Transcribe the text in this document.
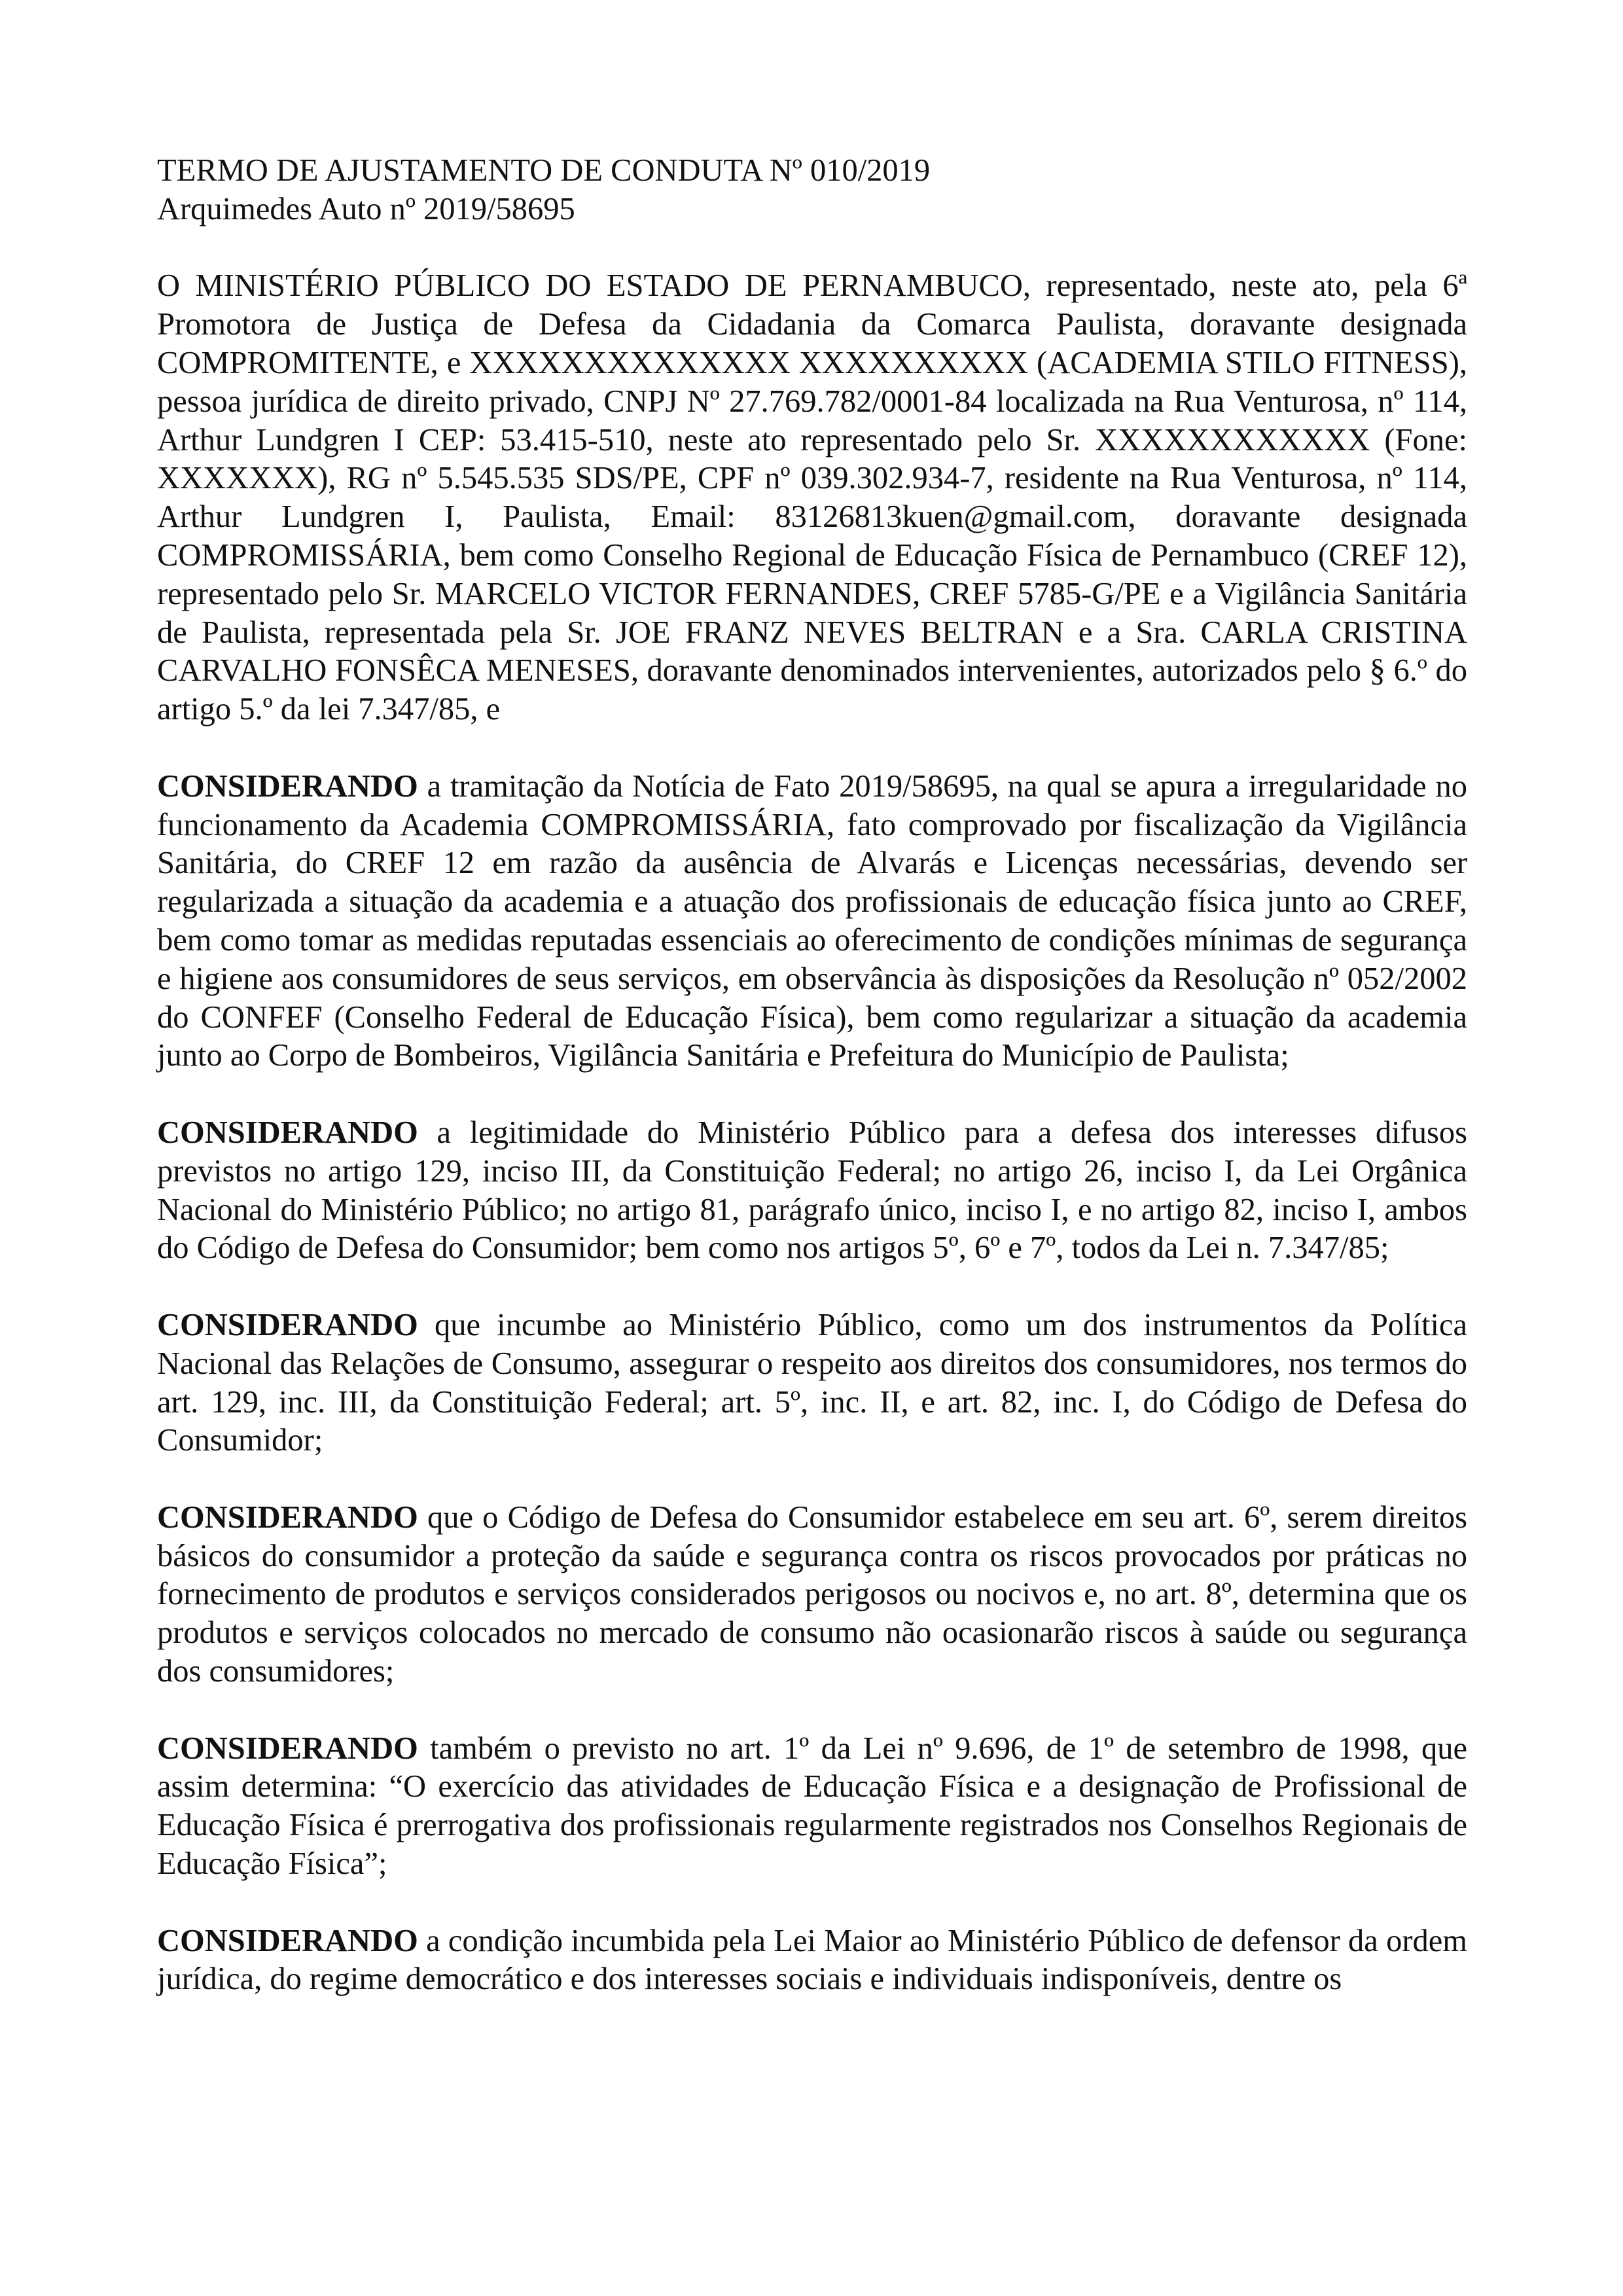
TERMO DE AJUSTAMENTO DE CONDUTA Nº 010/2019

Arquimedes Auto nº 2019/58695

O MINISTÉRIO PÚBLICO DO ESTADO DE PERNAMBUCO, representado, neste ato, pela 6ª Promotora de Justiça de Defesa da Cidadania da Comarca Paulista, doravante designada COMPROMITENTE, e XXXXXXXXXXXXXX XXXXXXXXXX (ACADEMIA STILO FITNESS), pessoa jurídica de direito privado, CNPJ Nº 27.769.782/0001-84 localizada na Rua Venturosa, nº 114, Arthur Lundgren I CEP: 53.415-510, neste ato representado pelo Sr. XXXXXXXXXXXX (Fone: XXXXXXX), RG nº 5.545.535 SDS/PE, CPF nº 039.302.934-7, residente na Rua Venturosa, nº 114, Arthur Lundgren I, Paulista, Email: 83126813kuen@gmail.com, doravante designada COMPROMISSÁRIA, bem como Conselho Regional de Educação Física de Pernambuco (CREF 12), representado pelo Sr. MARCELO VICTOR FERNANDES, CREF 5785-G/PE e a Vigilância Sanitária de Paulista, representada pela Sr. JOE FRANZ NEVES BELTRAN e a Sra. CARLA CRISTINA CARVALHO FONSÊCA MENESES, doravante denominados intervenientes, autorizados pelo § 6.º do artigo 5.º da lei 7.347/85, e

CONSIDERANDO a tramitação da Notícia de Fato 2019/58695, na qual se apura a irregularidade no funcionamento da Academia COMPROMISSÁRIA, fato comprovado por fiscalização da Vigilância Sanitária, do CREF 12 em razão da ausência de Alvarás e Licenças necessárias, devendo ser regularizada a situação da academia e a atuação dos profissionais de educação física junto ao CREF, bem como tomar as medidas reputadas essenciais ao oferecimento de condições mínimas de segurança e higiene aos consumidores de seus serviços, em observância às disposições da Resolução nº 052/2002 do CONFEF (Conselho Federal de Educação Física), bem como regularizar a situação da academia junto ao Corpo de Bombeiros, Vigilância Sanitária e Prefeitura do Município de Paulista;

CONSIDERANDO a legitimidade do Ministério Público para a defesa dos interesses difusos previstos no artigo 129, inciso III, da Constituição Federal; no artigo 26, inciso I, da Lei Orgânica Nacional do Ministério Público; no artigo 81, parágrafo único, inciso I, e no artigo 82, inciso I, ambos do Código de Defesa do Consumidor; bem como nos artigos 5º, 6º e 7º, todos da Lei n. 7.347/85;

CONSIDERANDO que incumbe ao Ministério Público, como um dos instrumentos da Política Nacional das Relações de Consumo, assegurar o respeito aos direitos dos consumidores, nos termos do art. 129, inc. III, da Constituição Federal; art. 5º, inc. II, e art. 82, inc. I, do Código de Defesa do Consumidor;

CONSIDERANDO que o Código de Defesa do Consumidor estabelece em seu art. 6º, serem direitos básicos do consumidor a proteção da saúde e segurança contra os riscos provocados por práticas no fornecimento de produtos e serviços considerados perigosos ou nocivos e, no art. 8º, determina que os produtos e serviços colocados no mercado de consumo não ocasionarão riscos à saúde ou segurança dos consumidores;

CONSIDERANDO também o previsto no art. 1º da Lei nº 9.696, de 1º de setembro de 1998, que assim determina: “O exercício das atividades de Educação Física e a designação de Profissional de Educação Física é prerrogativa dos profissionais regularmente registrados nos Conselhos Regionais de Educação Física”;

CONSIDERANDO a condição incumbida pela Lei Maior ao Ministério Público de defensor da ordem jurídica, do regime democrático e dos interesses sociais e individuais indisponíveis, dentre os
